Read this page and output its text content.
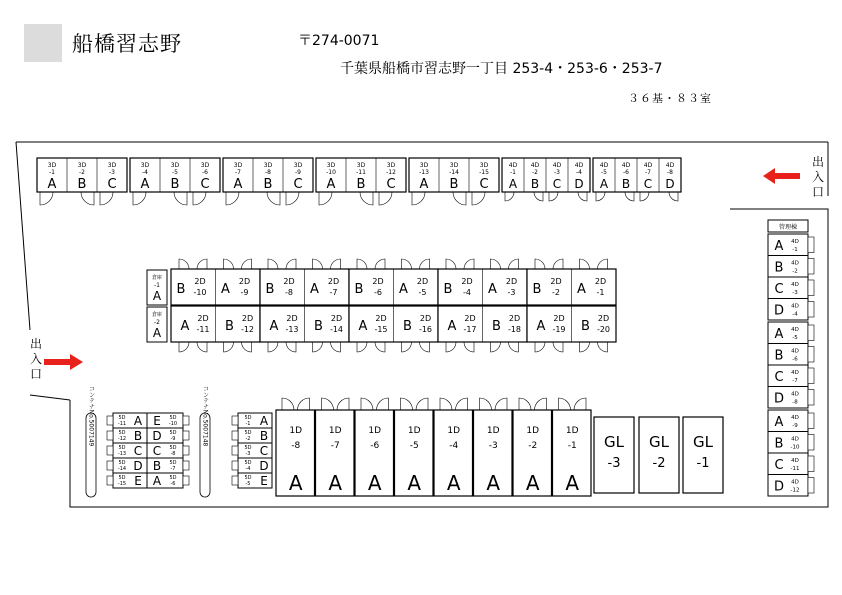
船橋習志野	〒274-0071
千葉県船橋市習志野一丁目 253-4・253-6・253-7
３６基・８３室
出
入
口
出
入
口
3D
-1
A
3D
-2
B
3D
-3
C
3D
-4
A
3D
-5
B
3D
-6
C
3D
-7
A
3D
-8
B
3D
-9
C
3D
-10
A
3D
-11
B
3D
-12
C
3D
-13
A
3D
-14
B
3D
-15
C
4D
-1
A
4D
-2
B
4D
-3
C
4D
-4
D
4D
-5
A
4D
-6
B
4D
-7
C
4D
-8
D
倉庫
-1
A
倉庫
-2
A
B
2D
-10 A
2D
-9 B
2D
-8 A
2D
-7 B
2D
-6 A
2D
-5 B
2D
-4 A
2D
-3 B
2D
-2 A
2D
-1
A
2D
-11 B
2D
-12 A
2D
-13 B
2D
-14 A
2D
-15 B
2D
-16 A
2D
-17 B
2D
-18 A
2D
-19 B
2D
-20
管理棟
A 4D
-1
B 4D
-2
C 4D
-3
D 4D
-4
A 4D
-5
B 4D
-6
C 4D
-7
D 4D
-8
A 4D
-9
B 4D
-10
C 4D
-11
D 4D
-12
コンテナNo.5007149	コンテナNo.5007148
5D
-11 A
5D
-12 B
5D
-13 C
5D
-14 D
5D
-15 E
E 5D
-10
D 5D
-9
C 5D
-8
B 5D
-7
A 5D
-6
5D
-1 A
5D
-2 B
5D
-3 C
5D
-4 D
5D
-5 E
1D
-8
A
1D
-7
A
1D
-6
A
1D
-5
A
1D
-4
A
1D
-3
A
1D
-2
A
1D
-1
A
GL
-3
GL
-2
GL
-1
